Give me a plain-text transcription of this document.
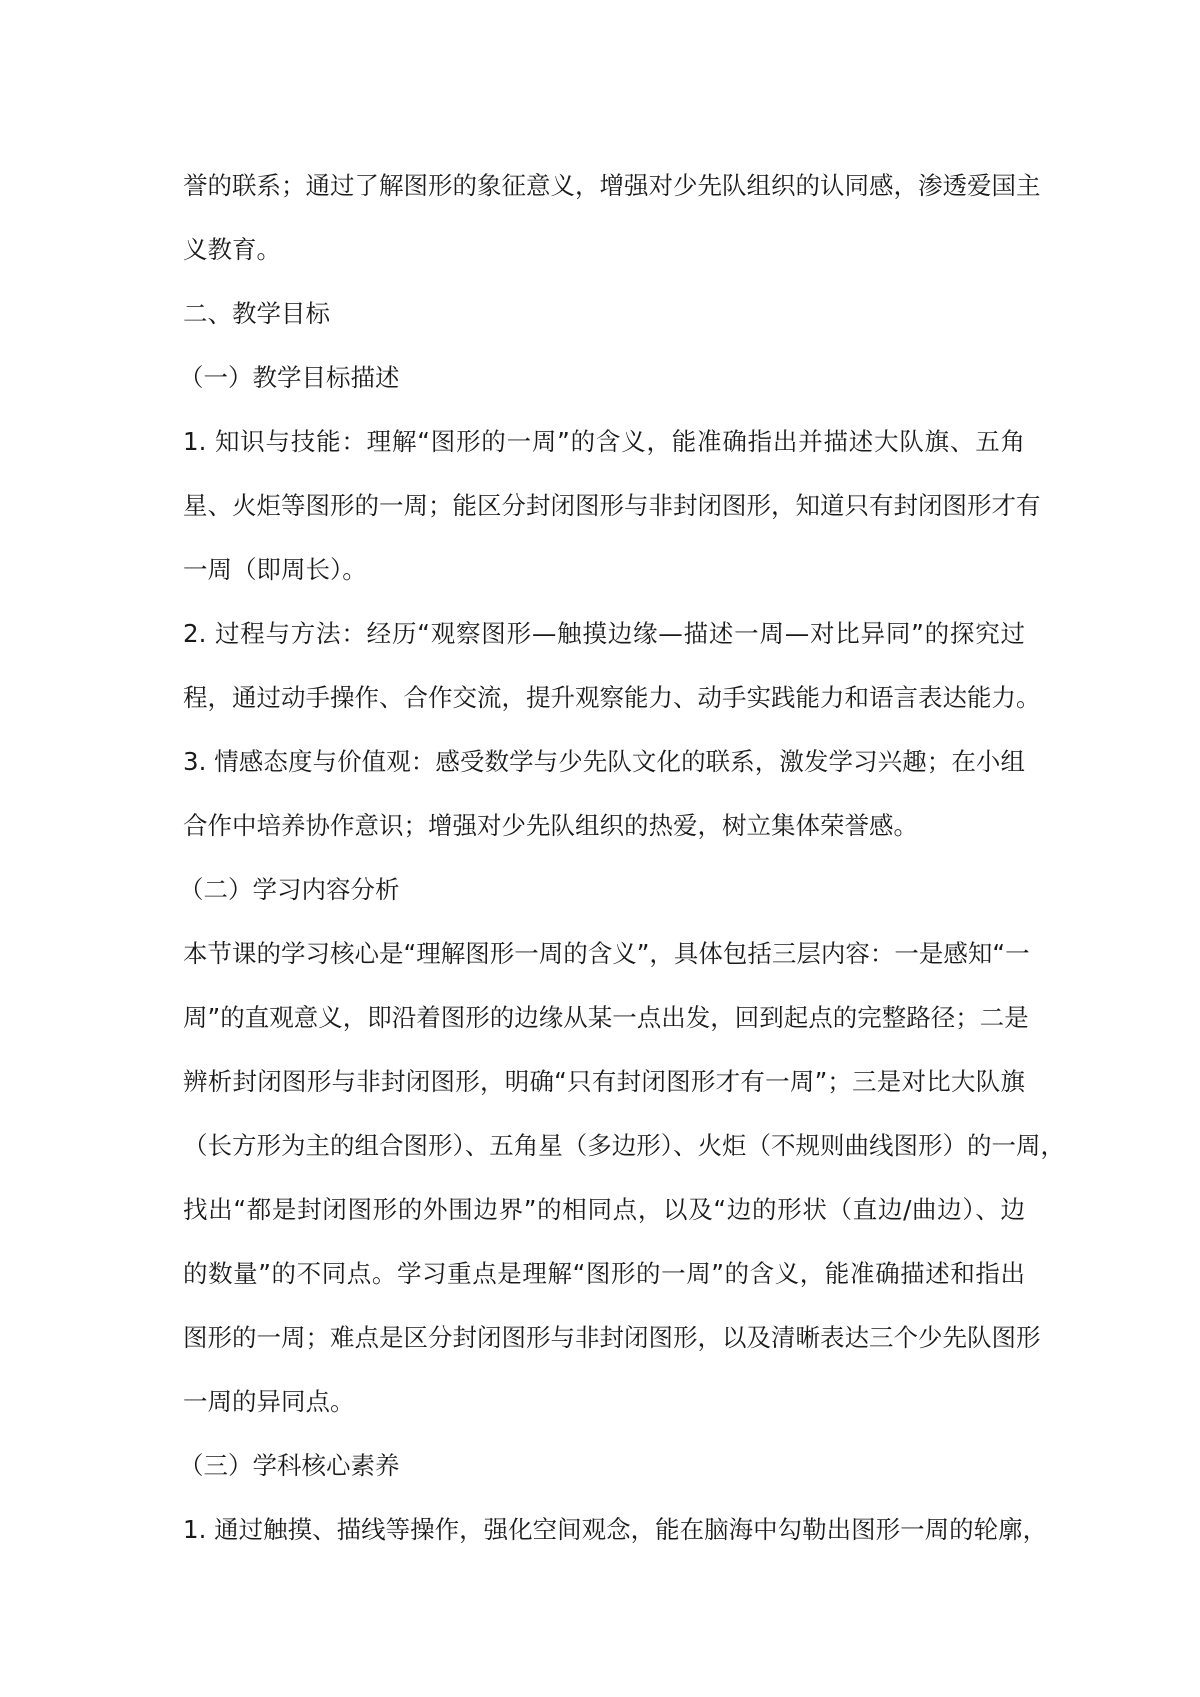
誉的联系；通过了解图形的象征意义，增强对少先队组织的认同感，渗透爱国主
义教育。
二、教学目标
（一）教学目标描述
1. 知识与技能：理解“图形的一周”的含义，能准确指出并描述大队旗、五角
星、火炬等图形的一周；能区分封闭图形与非封闭图形，知道只有封闭图形才有
一周（即周长）。
2. 过程与方法：经历“观察图形—触摸边缘—描述一周—对比异同”的探究过
程，通过动手操作、合作交流，提升观察能力、动手实践能力和语言表达能力。
3. 情感态度与价值观：感受数学与少先队文化的联系，激发学习兴趣；在小组
合作中培养协作意识；增强对少先队组织的热爱，树立集体荣誉感。
（二）学习内容分析
本节课的学习核心是“理解图形一周的含义”，具体包括三层内容：一是感知“一
周”的直观意义，即沿着图形的边缘从某一点出发，回到起点的完整路径；二是
辨析封闭图形与非封闭图形，明确“只有封闭图形才有一周”；三是对比大队旗
（长方形为主的组合图形）、五角星（多边形）、火炬（不规则曲线图形）的一周，
找出“都是封闭图形的外围边界”的相同点，以及“边的形状（直边/曲边）、边
的数量”的不同点。学习重点是理解“图形的一周”的含义，能准确描述和指出
图形的一周；难点是区分封闭图形与非封闭图形，以及清晰表达三个少先队图形
一周的异同点。
（三）学科核心素养
1. 通过触摸、描线等操作，强化空间观念，能在脑海中勾勒出图形一周的轮廓，
